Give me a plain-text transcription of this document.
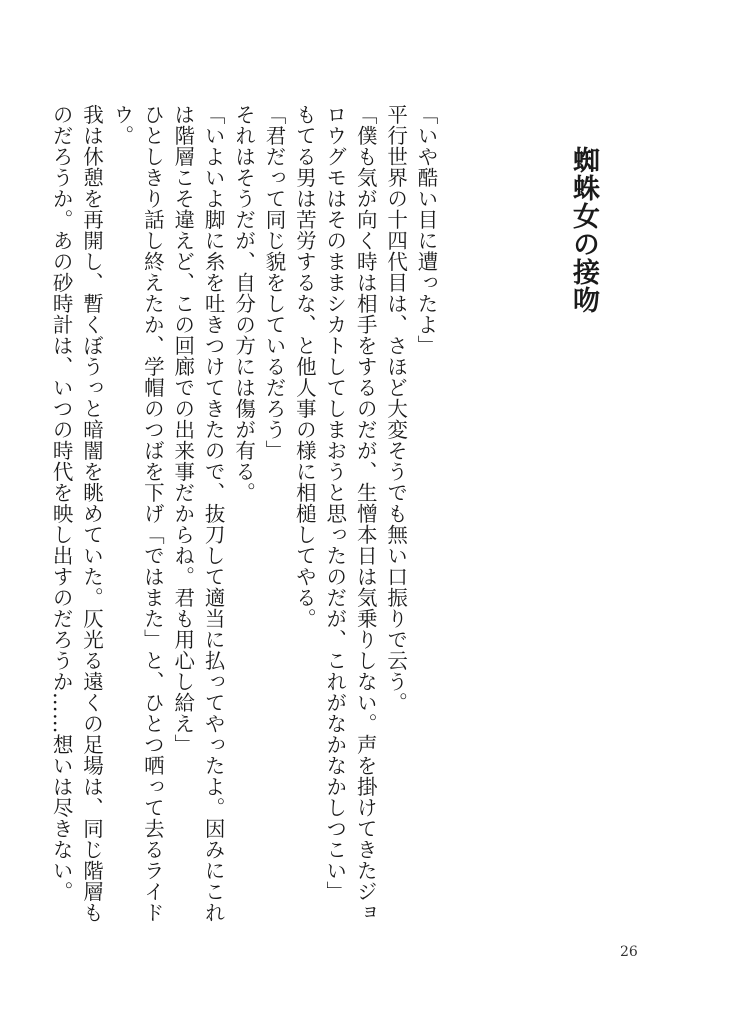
蜘蛛女の接吻

「いや酷い目に遭ったよ」

平行世界の十四代目は、さほど大変そうでも無い口振りで云う。

「僕も気が向く時は相手をするのだが、生憎本日は気乗りしない。声を掛けてきたジョロウグモはそのままシカトしてしまおうと思ったのだが、これがなかなかしつこい」

もてる男は苦労するな、と他人事の様に相槌してやる。

「君だって同じ貌をしているだろう」

それはそうだが、自分の方には傷が有る。

「いよいよ脚に糸を吐きつけてきたので、抜刀して適当に払ってやったよ。因みにこれは階層こそ違えど、この回廊での出来事だからね。君も用心し給え」

ひとしきり話し終えたか、学帽のつばを下げ「ではまた」と、ひとつ哂って去るライドウ。

我は休憩を再開し、暫くぼうっと暗闇を眺めていた。仄光る遠くの足場は、同じ階層ものだろうか。あの砂時計は、いつの時代を映し出すのだろうか……想いは尽きない。

26
